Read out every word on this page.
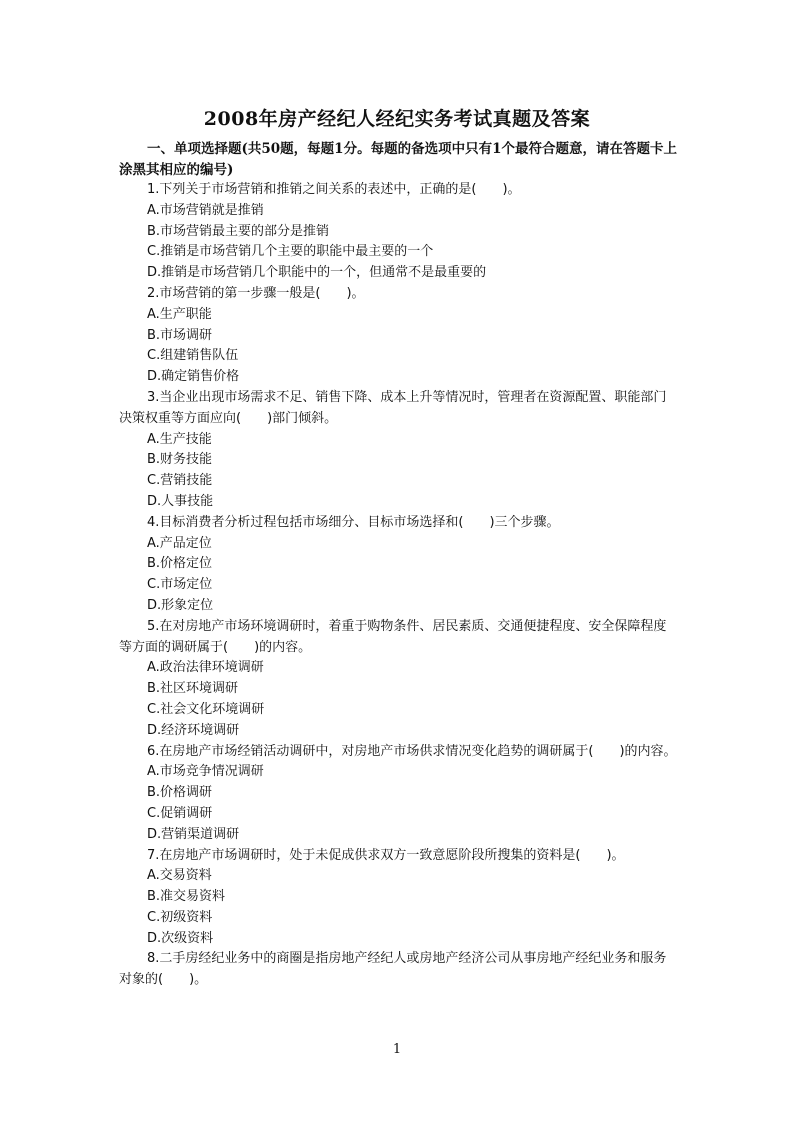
2008年房产经纪人经纪实务考试真题及答案
一、单项选择题(共50题，每题1分。每题的备选项中只有1个最符合题意，请在答题卡上涂黑其相应的编号)
1.下列关于市场营销和推销之间关系的表述中，正确的是(　　)。
A.市场营销就是推销
B.市场营销最主要的部分是推销
C.推销是市场营销几个主要的职能中最主要的一个
D.推销是市场营销几个职能中的一个，但通常不是最重要的
2.市场营销的第一步骤一般是(　　)。
A.生产职能
B.市场调研
C.组建销售队伍
D.确定销售价格
3.当企业出现市场需求不足、销售下降、成本上升等情况时，管理者在资源配置、职能部门决策权重等方面应向(　　)部门倾斜。
A.生产技能
B.财务技能
C.营销技能
D.人事技能
4.目标消费者分析过程包括市场细分、目标市场选择和(　　)三个步骤。
A.产品定位
B.价格定位
C.市场定位
D.形象定位
5.在对房地产市场环境调研时，着重于购物条件、居民素质、交通便捷程度、安全保障程度等方面的调研属于(　　)的内容。
A.政治法律环境调研
B.社区环境调研
C.社会文化环境调研
D.经济环境调研
6.在房地产市场经销活动调研中，对房地产市场供求情况变化趋势的调研属于(　　)的内容。
A.市场竞争情况调研
B.价格调研
C.促销调研
D.营销渠道调研
7.在房地产市场调研时，处于未促成供求双方一致意愿阶段所搜集的资料是(　　)。
A.交易资料
B.准交易资料
C.初级资料
D.次级资料
8.二手房经纪业务中的商圈是指房地产经纪人或房地产经济公司从事房地产经纪业务和服务对象的(　　)。
1
